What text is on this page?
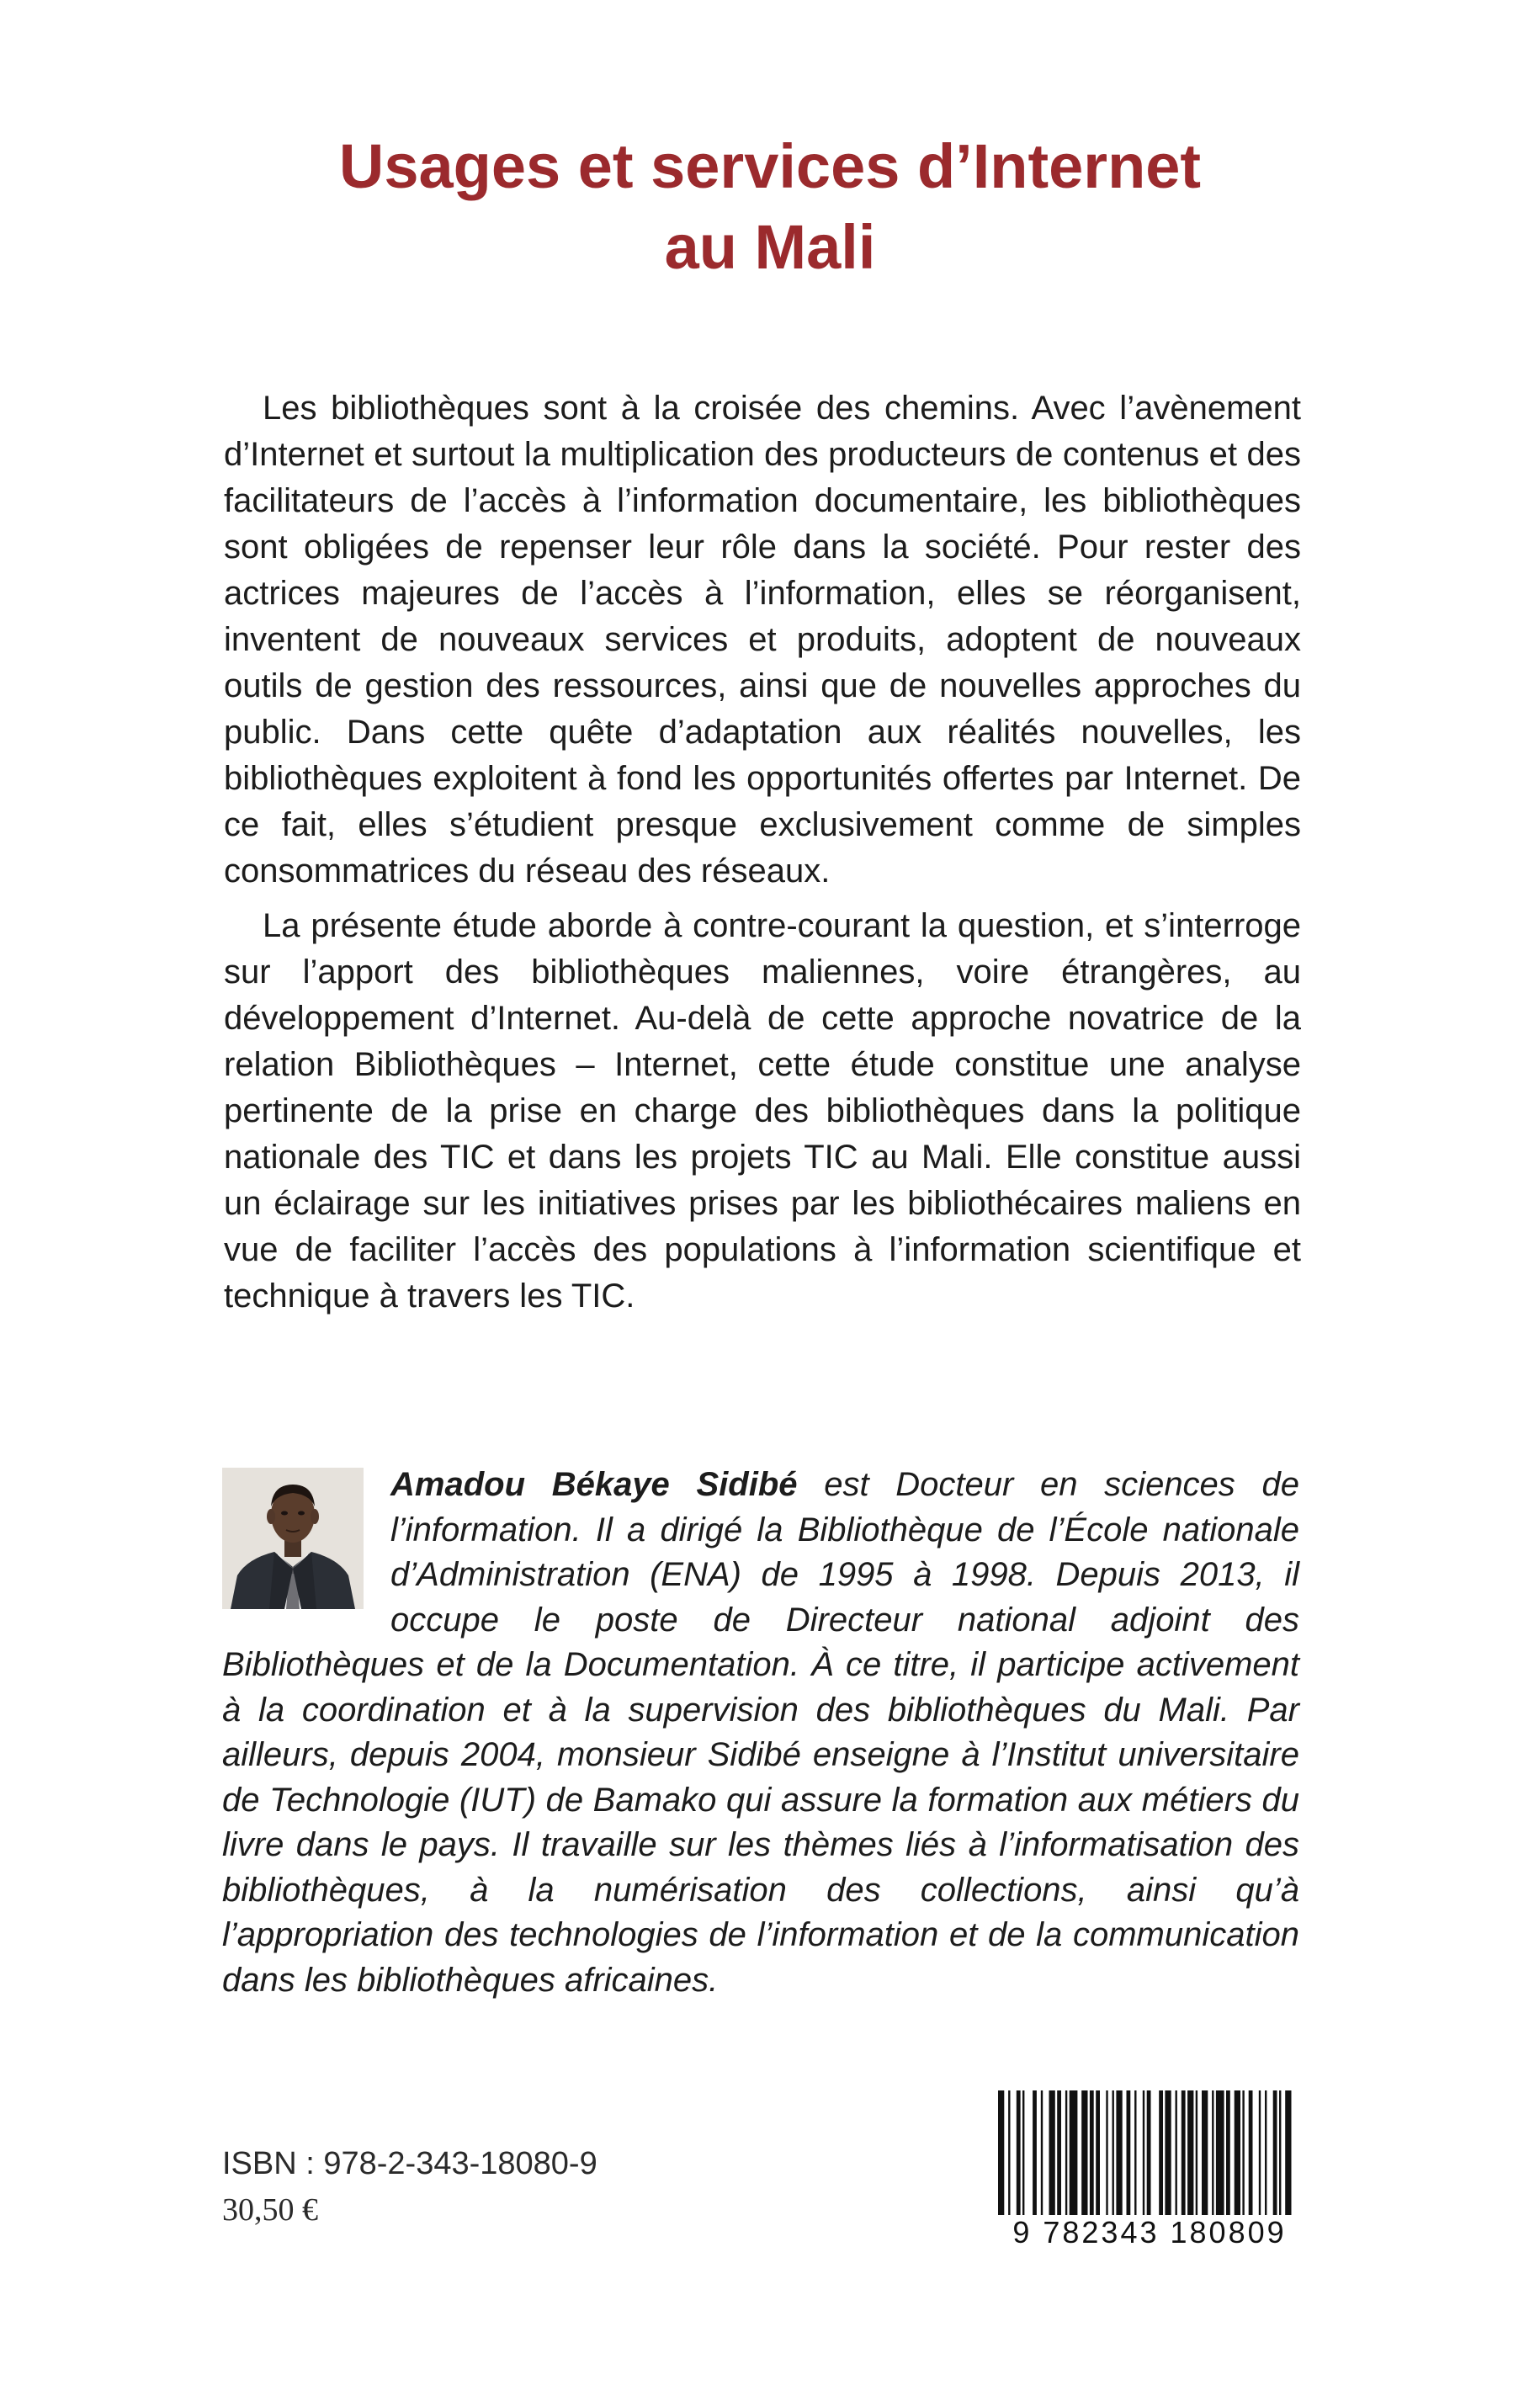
Usages et services d’Internet
au Mali

Les bibliothèques sont à la croisée des chemins. Avec l’avènement d’Internet et surtout la multiplication des producteurs de contenus et des facilitateurs de l’accès à l’information documentaire, les bibliothèques sont obligées de repenser leur rôle dans la société. Pour rester des actrices majeures de l’accès à l’information, elles se réorganisent, inventent de nouveaux services et produits, adoptent de nouveaux outils de gestion des ressources, ainsi que de nouvelles approches du public. Dans cette quête d’adaptation aux réalités nouvelles, les bibliothèques exploitent à fond les opportunités offertes par Internet. De ce fait, elles s’étudient presque exclusivement comme de simples consommatrices du réseau des réseaux.

La présente étude aborde à contre-courant la question, et s’interroge sur l’apport des bibliothèques maliennes, voire étrangères, au développement d’Internet. Au-delà de cette approche novatrice de la relation Bibliothèques – Internet, cette étude constitue une analyse pertinente de la prise en charge des bibliothèques dans la politique nationale des TIC et dans les projets TIC au Mali. Elle constitue aussi un éclairage sur les initiatives prises par les bibliothécaires maliens en vue de faciliter l’accès des populations à l’information scientifique et technique à travers les TIC.

Amadou Békaye Sidibé est Docteur en sciences de l’information. Il a dirigé la Bibliothèque de l’École nationale d’Administration (ENA) de 1995 à 1998. Depuis 2013, il occupe le poste de Directeur national adjoint des Bibliothèques et de la Documentation. À ce titre, il participe activement à la coordination et à la supervision des bibliothèques du Mali. Par ailleurs, depuis 2004, monsieur Sidibé enseigne à l’Institut universitaire de Technologie (IUT) de Bamako qui assure la formation aux métiers du livre dans le pays. Il travaille sur les thèmes liés à l’informatisation des bibliothèques, à la numérisation des collections, ainsi qu’à l’appropriation des technologies de l’information et de la communication dans les bibliothèques africaines.
ISBN : 978-2-343-18080-9
30,50 €
9 782343 180809
